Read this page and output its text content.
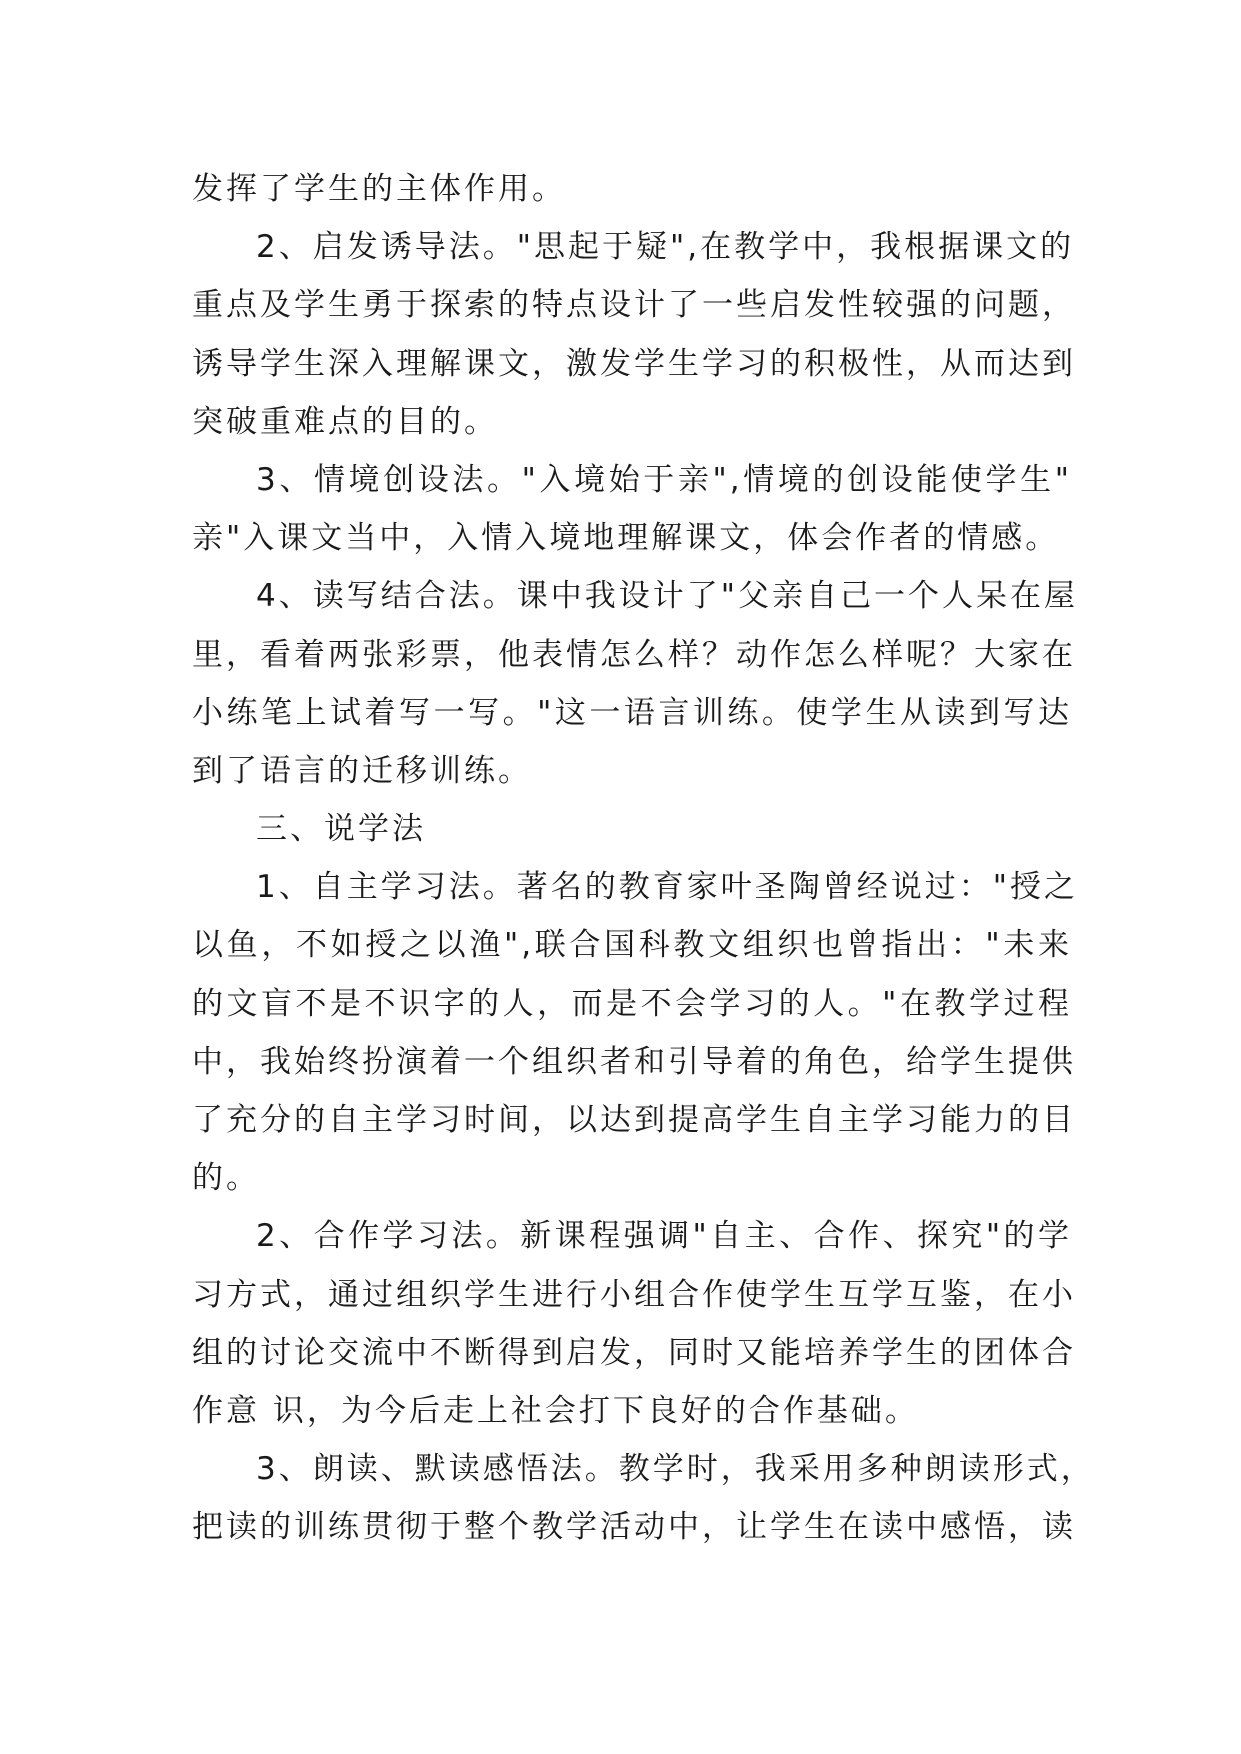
发挥了学生的主体作用。
2、启发诱导法。"思起于疑",在教学中，我根据课文的
重点及学生勇于探索的特点设计了一些启发性较强的问题，
诱导学生深入理解课文，激发学生学习的积极性，从而达到
突破重难点的目的。
3、情境创设法。"入境始于亲",情境的创设能使学生"
亲"入课文当中，入情入境地理解课文，体会作者的情感。
4、读写结合法。课中我设计了"父亲自己一个人呆在屋
里，看着两张彩票，他表情怎么样？动作怎么样呢？大家在
小练笔上试着写一写。"这一语言训练。使学生从读到写达
到了语言的迁移训练。
三、说学法
1、自主学习法。著名的教育家叶圣陶曾经说过："授之
以鱼，不如授之以渔",联合国科教文组织也曾指出："未来
的文盲不是不识字的人，而是不会学习的人。"在教学过程
中，我始终扮演着一个组织者和引导着的角色，给学生提供
了充分的自主学习时间，以达到提高学生自主学习能力的目
的。
2、合作学习法。新课程强调"自主、合作、探究"的学
习方式，通过组织学生进行小组合作使学生互学互鉴，在小
组的讨论交流中不断得到启发，同时又能培养学生的团体合
作意 识，为今后走上社会打下良好的合作基础。
3、朗读、默读感悟法。教学时，我采用多种朗读形式，
把读的训练贯彻于整个教学活动中，让学生在读中感悟，读
